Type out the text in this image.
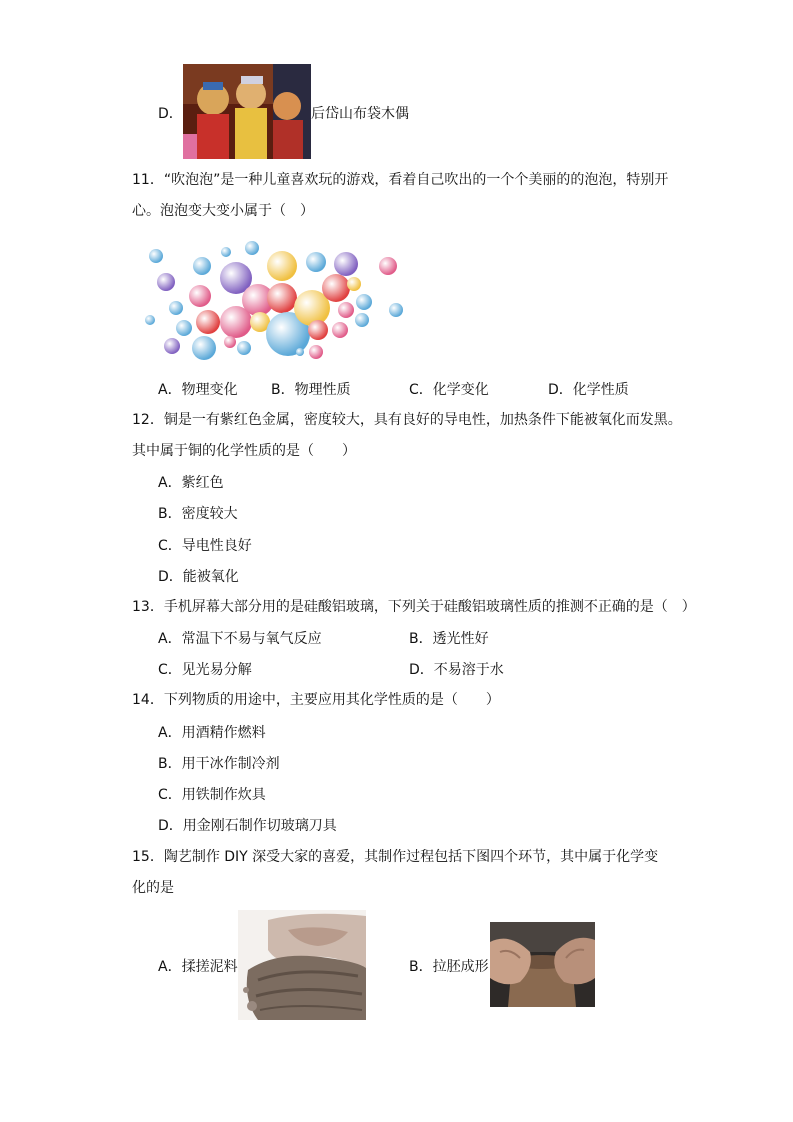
D．	后岱山布袋木偶
11．“吹泡泡”是一种儿童喜欢玩的游戏，看着自己吹出的一个个美丽的的泡泡，特别开
心。泡泡变大变小属于（　）
A．物理变化 B．物理性质	C．化学变化	D．化学性质
12．铜是一有紫红色金属，密度较大，具有良好的导电性，加热条件下能被氧化而发黑。
其中属于铜的化学性质的是（　　）
A．紫红色
B．密度较大
C．导电性良好
D．能被氧化
13．手机屏幕大部分用的是硅酸铝玻璃，下列关于硅酸铝玻璃性质的推测不正确的是（　）
A．常温下不易与氧气反应	B．透光性好
C．见光易分解	D．不易溶于水
14．下列物质的用途中，主要应用其化学性质的是（　　）
A．用酒精作燃料
B．用干冰作制冷剂
C．用铁制作炊具
D．用金刚石制作切玻璃刀具
15．陶艺制作 DIY 深受大家的喜爱，其制作过程包括下图四个环节，其中属于化学变
化的是
A．揉搓泥料	B．拉胚成形
